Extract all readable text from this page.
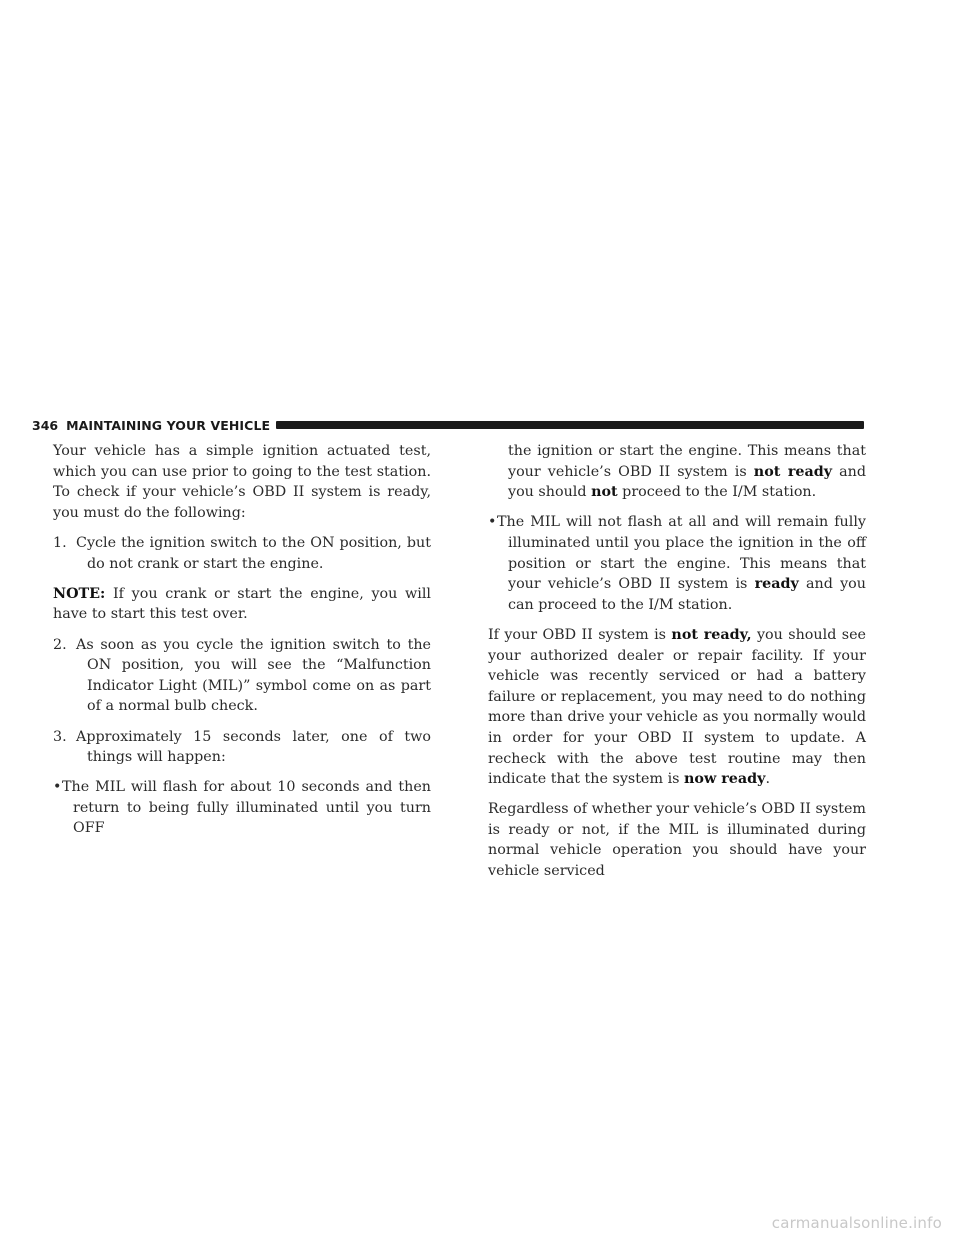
346 MAINTAINING YOUR VEHICLE

Your vehicle has a simple ignition actuated test, which you can use prior to going to the test station. To check if your vehicle’s OBD II system is ready, you must do the following:

1. Cycle the ignition switch to the ON position, but do not crank or start the engine.

NOTE: If you crank or start the engine, you will have to start this test over.

2. As soon as you cycle the ignition switch to the ON position, you will see the “Malfunction Indicator Light (MIL)” symbol come on as part of a normal bulb check.
3. Approximately 15 seconds later, one of two things will happen:
•The MIL will flash for about 10 seconds and then return to being fully illuminated until you turn OFF
the ignition or start the engine. This means that your vehicle’s OBD II system is not ready and you should not proceed to the I/M station.
•The MIL will not flash at all and will remain fully illuminated until you place the ignition in the off position or start the engine. This means that your vehicle’s OBD II system is ready and you can proceed to the I/M station.

If your OBD II system is not ready, you should see your authorized dealer or repair facility. If your vehicle was recently serviced or had a battery failure or replacement, you may need to do nothing more than drive your vehicle as you normally would in order for your OBD II system to update. A recheck with the above test routine may then indicate that the system is now ready.

Regardless of whether your vehicle’s OBD II system is ready or not, if the MIL is illuminated during normal vehicle operation you should have your vehicle serviced

carmanualsonline.info
